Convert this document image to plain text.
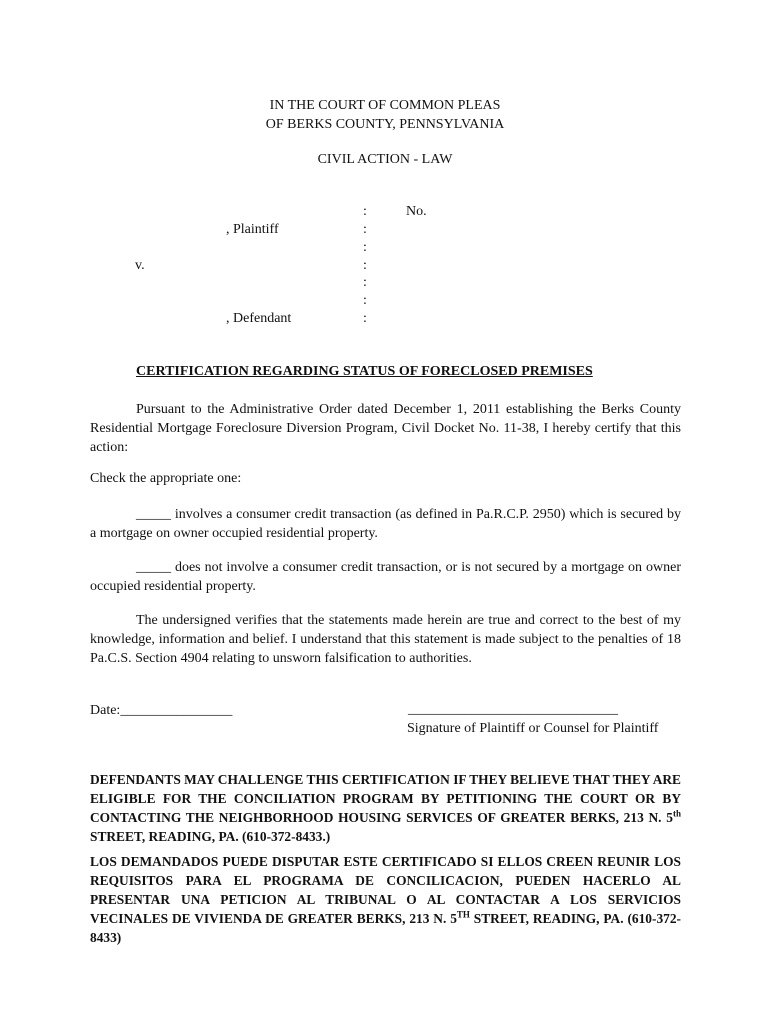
IN THE COURT OF COMMON PLEAS
OF BERKS COUNTY, PENNSYLVANIA
CIVIL ACTION - LAW
:	No.
, Plaintiff	:
:
v.	:
:
:
, Defendant	:
CERTIFICATION REGARDING STATUS OF FORECLOSED PREMISES

Pursuant to the Administrative Order dated December 1, 2011 establishing the Berks County Residential Mortgage Foreclosure Diversion Program, Civil Docket No. 11-38, I hereby certify that this action:

Check the appropriate one:

_____ involves a consumer credit transaction (as defined in Pa.R.C.P. 2950) which is secured by a mortgage on owner occupied residential property.

_____ does not involve a consumer credit transaction, or is not secured by a mortgage on owner occupied residential property.

The undersigned verifies that the statements made herein are true and correct to the best of my knowledge, information and belief. I understand that this statement is made subject to the penalties of 18 Pa.C.S. Section 4904 relating to unsworn falsification to authorities.

Date:________________	______________________________
Signature of Plaintiff or Counsel for Plaintiff

DEFENDANTS MAY CHALLENGE THIS CERTIFICATION IF THEY BELIEVE THAT THEY ARE ELIGIBLE FOR THE CONCILIATION PROGRAM BY PETITIONING THE COURT OR BY CONTACTING THE NEIGHBORHOOD HOUSING SERVICES OF GREATER BERKS, 213 N. 5th STREET, READING, PA. (610-372-8433.)

LOS DEMANDADOS PUEDE DISPUTAR ESTE CERTIFICADO SI ELLOS CREEN REUNIR LOS REQUISITOS PARA EL PROGRAMA DE CONCILICACION, PUEDEN HACERLO AL PRESENTAR UNA PETICION AL TRIBUNAL O AL CONTACTAR A LOS SERVICIOS VECINALES DE VIVIENDA DE GREATER BERKS, 213 N. 5TH STREET, READING, PA. (610-372-8433)
